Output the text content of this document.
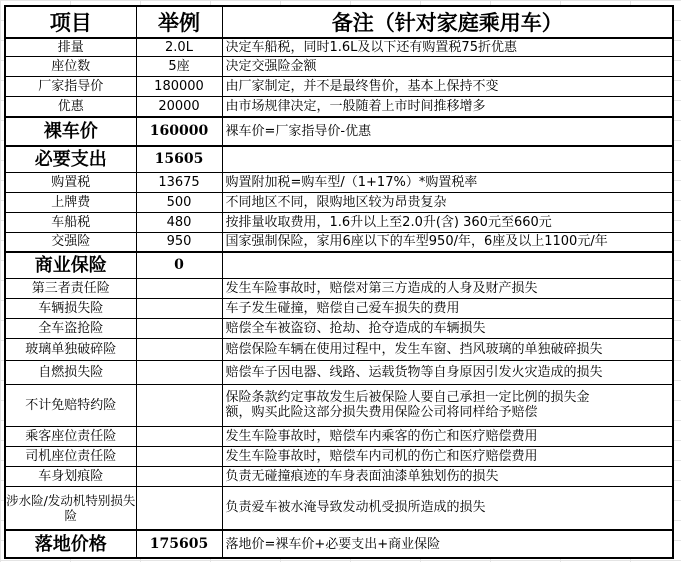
项目	举例	备注（针对家庭乘用车）
排量	2.0L	决定车船税，同时1.6L及以下还有购置税75折优惠
座位数	5座	决定交强险金额
厂家指导价	180000	由厂家制定，并不是最终售价，基本上保持不变
优惠	20000	由市场规律决定，一般随着上市时间推移增多
裸车价	160000	裸车价=厂家指导价-优惠
必要支出	15605	
购置税	13675	购置附加税=购车型/（1+17%）*购置税率
上牌费	500	不同地区不同，限购地区较为昂贵复杂
车船税	480	按排量收取费用，1.6升以上至2.0升(含) 360元至660元
交强险	950	国家强制保险，家用6座以下的车型950/年，6座及以上1100元/年
商业保险	0	
第三者责任险		发生车险事故时，赔偿对第三方造成的人身及财产损失
车辆损失险		车子发生碰撞，赔偿自己爱车损失的费用
全车盗抢险		赔偿全车被盗窃、抢劫、抢夺造成的车辆损失
玻璃单独破碎险		赔偿保险车辆在使用过程中，发生车窗、挡风玻璃的单独破碎损失
自燃损失险		赔偿车子因电器、线路、运载货物等自身原因引发火灾造成的损失
不计免赔特约险		保险条款约定事故发生后被保险人要自己承担一定比例的损失金额，购买此险这部分损失费用保险公司将同样给予赔偿
乘客座位责任险		发生车险事故时，赔偿车内乘客的伤亡和医疗赔偿费用
司机座位责任险		发生车险事故时，赔偿车内司机的伤亡和医疗赔偿费用
车身划痕险		负责无碰撞痕迹的车身表面油漆单独划伤的损失
涉水险/发动机特别损失险		负责爱车被水淹导致发动机受损所造成的损失
落地价格	175605	落地价=裸车价+必要支出+商业保险
